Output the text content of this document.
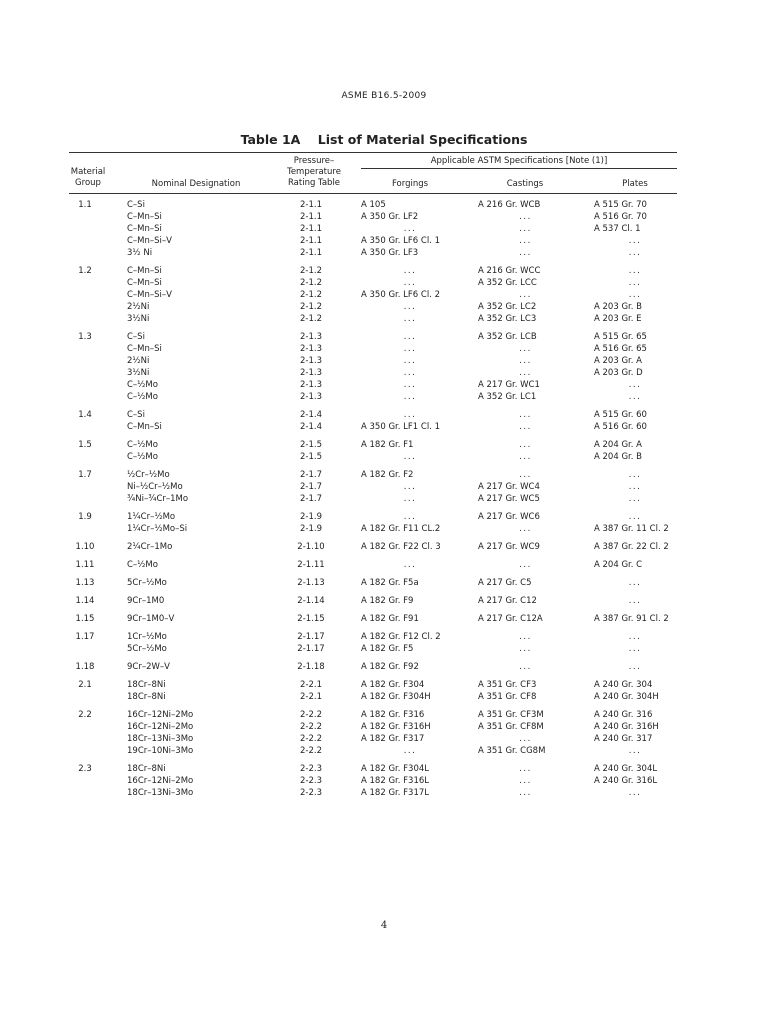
ASME B16.5-2009
Table 1A    List of Material Specifications
Material
Group	Nominal Designation
Pressure–
Temperature
Rating Table
Applicable ASTM Specifications [Note (1)]
Forgings	Castings	Plates
1.1	C–Si	2-1.1	A 105	A 216 Gr. WCB	A 515 Gr. 70
C–Mn–Si	2-1.1	A 350 Gr. LF2	...	A 516 Gr. 70
C–Mn–Si	2-1.1	...	...	A 537 Cl. 1
C–Mn–Si–V	2-1.1	A 350 Gr. LF6 Cl. 1	...	...
3½ Ni	2-1.1	A 350 Gr. LF3	...	...
1.2	C–Mn–Si	2-1.2	...	A 216 Gr. WCC	...
C–Mn–Si	2-1.2	...	A 352 Gr. LCC	...
C–Mn–Si–V	2-1.2	A 350 Gr. LF6 Cl. 2	...	...
2½Ni	2-1.2	...	A 352 Gr. LC2	A 203 Gr. B
3½Ni	2-1.2	...	A 352 Gr. LC3	A 203 Gr. E
1.3	C–Si	2-1.3	...	A 352 Gr. LCB	A 515 Gr. 65
C–Mn–Si	2-1.3	...	...	A 516 Gr. 65
2½Ni	2-1.3	...	...	A 203 Gr. A
3½Ni	2-1.3	...	...	A 203 Gr. D
C–½Mo	2-1.3	...	A 217 Gr. WC1	...
C–½Mo	2-1.3	...	A 352 Gr. LC1	...
1.4	C–Si	2-1.4	...	...	A 515 Gr. 60
C–Mn–Si	2-1.4	A 350 Gr. LF1 Cl. 1	...	A 516 Gr. 60
1.5	C–½Mo	2-1.5	A 182 Gr. F1	...	A 204 Gr. A
C–½Mo	2-1.5	...	...	A 204 Gr. B
1.7	½Cr–½Mo	2-1.7	A 182 Gr. F2	...	...
Ni–½Cr–½Mo	2-1.7	...	A 217 Gr. WC4	...
¾Ni–¾Cr–1Mo	2-1.7	...	A 217 Gr. WC5	...
1.9	1¼Cr–½Mo	2-1.9	...	A 217 Gr. WC6	...
1¼Cr–½Mo–Si	2-1.9	A 182 Gr. F11 CL.2	...	A 387 Gr. 11 Cl. 2
1.10	2¼Cr–1Mo	2-1.10	A 182 Gr. F22 Cl. 3	A 217 Gr. WC9	A 387 Gr. 22 Cl. 2
1.11	C–½Mo	2-1.11	...	...	A 204 Gr. C
1.13	5Cr–½Mo	2-1.13	A 182 Gr. F5a	A 217 Gr. C5	...
1.14	9Cr–1M0	2-1.14	A 182 Gr. F9	A 217 Gr. C12	...
1.15	9Cr–1M0–V	2-1.15	A 182 Gr. F91	A 217 Gr. C12A	A 387 Gr. 91 Cl. 2
1.17	1Cr–½Mo	2-1.17	A 182 Gr. F12 Cl. 2	...	...
5Cr–½Mo	2-1.17	A 182 Gr. F5	...	...
1.18	9Cr–2W–V	2-1.18	A 182 Gr. F92	...	...
2.1	18Cr–8Ni	2-2.1	A 182 Gr. F304	A 351 Gr. CF3	A 240 Gr. 304
18Cr–8Ni	2-2.1	A 182 Gr. F304H	A 351 Gr. CF8	A 240 Gr. 304H
2.2	16Cr–12Ni–2Mo	2-2.2	A 182 Gr. F316	A 351 Gr. CF3M	A 240 Gr. 316
16Cr–12Ni–2Mo	2-2.2	A 182 Gr. F316H	A 351 Gr. CF8M	A 240 Gr. 316H
18Cr–13Ni–3Mo	2-2.2	A 182 Gr. F317	...	A 240 Gr. 317
19Cr–10Ni–3Mo	2-2.2	...	A 351 Gr. CG8M	...
2.3	18Cr–8Ni	2-2.3	A 182 Gr. F304L	...	A 240 Gr. 304L
16Cr–12Ni–2Mo	2-2.3	A 182 Gr. F316L	...	A 240 Gr. 316L
18Cr–13Ni–3Mo	2-2.3	A 182 Gr. F317L	...	...
4
